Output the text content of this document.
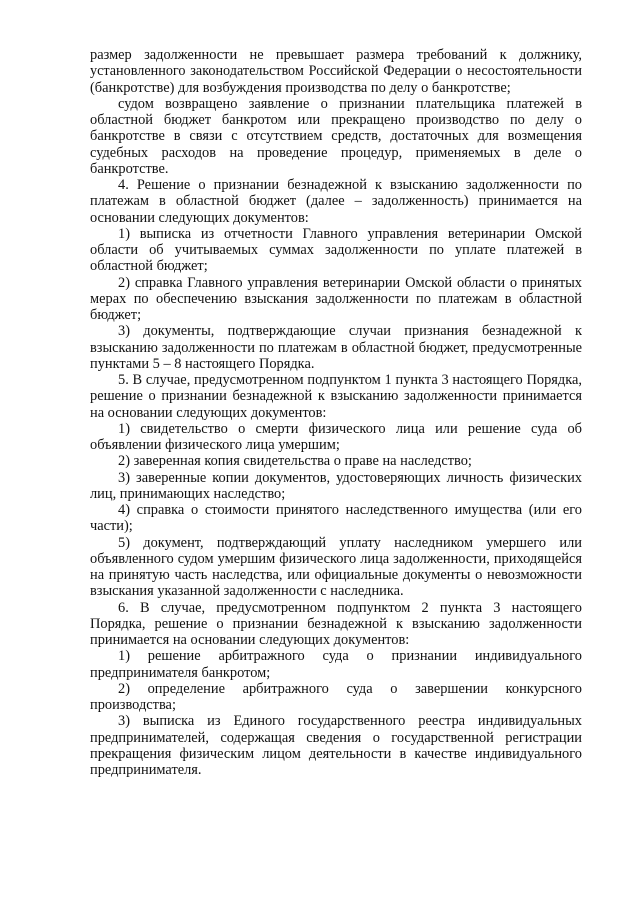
размер задолженности не превышает размера требований к должнику,
установленного законодательством Российской Федерации о несостоятельности
(банкротстве) для возбуждения производства по делу о банкротстве;
судом возвращено заявление о признании плательщика платежей в
областной бюджет банкротом или прекращено производство по делу о
банкротстве в связи с отсутствием средств, достаточных для возмещения
судебных расходов на проведение процедур, применяемых в деле о
банкротстве.
4. Решение о признании безнадежной к взысканию задолженности по
платежам в областной бюджет (далее – задолженность) принимается на
основании следующих документов:
1) выписка из отчетности Главного управления ветеринарии Омской
области об учитываемых суммах задолженности по уплате платежей в
областной бюджет;
2) справка Главного управления ветеринарии Омской области о принятых
мерах по обеспечению взыскания задолженности по платежам в областной
бюджет;
3) документы, подтверждающие случаи признания безнадежной к
взысканию задолженности по платежам в областной бюджет, предусмотренные
пунктами 5 – 8 настоящего Порядка.
5. В случае, предусмотренном подпунктом 1 пункта 3 настоящего Порядка,
решение о признании безнадежной к взысканию задолженности принимается
на основании следующих документов:
1) свидетельство о смерти физического лица или решение суда об
объявлении физического лица умершим;
2) заверенная копия свидетельства о праве на наследство;
3) заверенные копии документов, удостоверяющих личность физических
лиц, принимающих наследство;
4) справка о стоимости принятого наследственного имущества (или его
части);
5) документ, подтверждающий уплату наследником умершего или
объявленного судом умершим физического лица задолженности, приходящейся
на принятую часть наследства, или официальные документы о невозможности
взыскания указанной задолженности с наследника.
6. В случае, предусмотренном подпунктом 2 пункта 3 настоящего
Порядка, решение о признании безнадежной к взысканию задолженности
принимается на основании следующих документов:
1) решение арбитражного суда о признании индивидуального
предпринимателя банкротом;
2) определение арбитражного суда о завершении конкурсного
производства;
3) выписка из Единого государственного реестра индивидуальных
предпринимателей, содержащая сведения о государственной регистрации
прекращения физическим лицом деятельности в качестве индивидуального
предпринимателя.
